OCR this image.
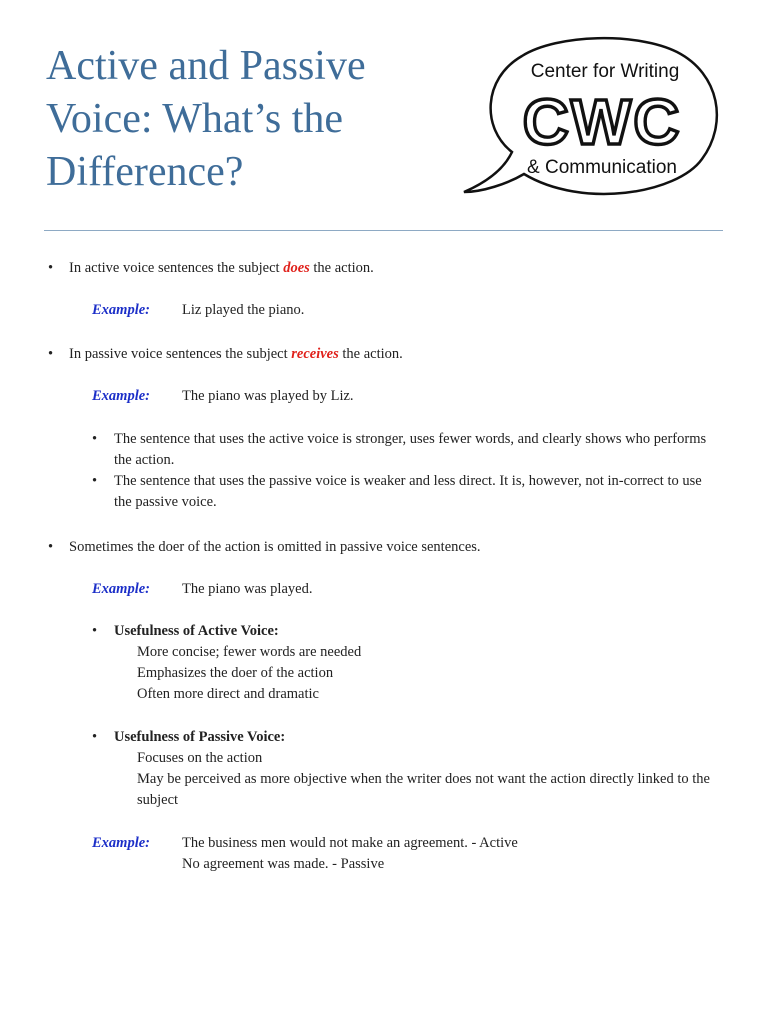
Active and Passive
Voice: What’s the
Difference?
Center for Writing
CWC
& Communication
• In active voice sentences the subject does the action.
Example: Liz played the piano.
• In passive voice sentences the subject receives the action.
Example: The piano was played by Liz.
• The sentence that uses the active voice is stronger, uses fewer words, and clearly shows who performs the action.
• The sentence that uses the passive voice is weaker and less direct. It is, however, not in-correct to use the passive voice.
• Sometimes the doer of the action is omitted in passive voice sentences.
Example: The piano was played.
• Usefulness of Active Voice:
More concise; fewer words are needed
Emphasizes the doer of the action
Often more direct and dramatic
• Usefulness of Passive Voice:
Focuses on the action
May be perceived as more objective when the writer does not want the action directly linked to the subject
Example:	The business men would not make an agreement. - Active
No agreement was made. - Passive
